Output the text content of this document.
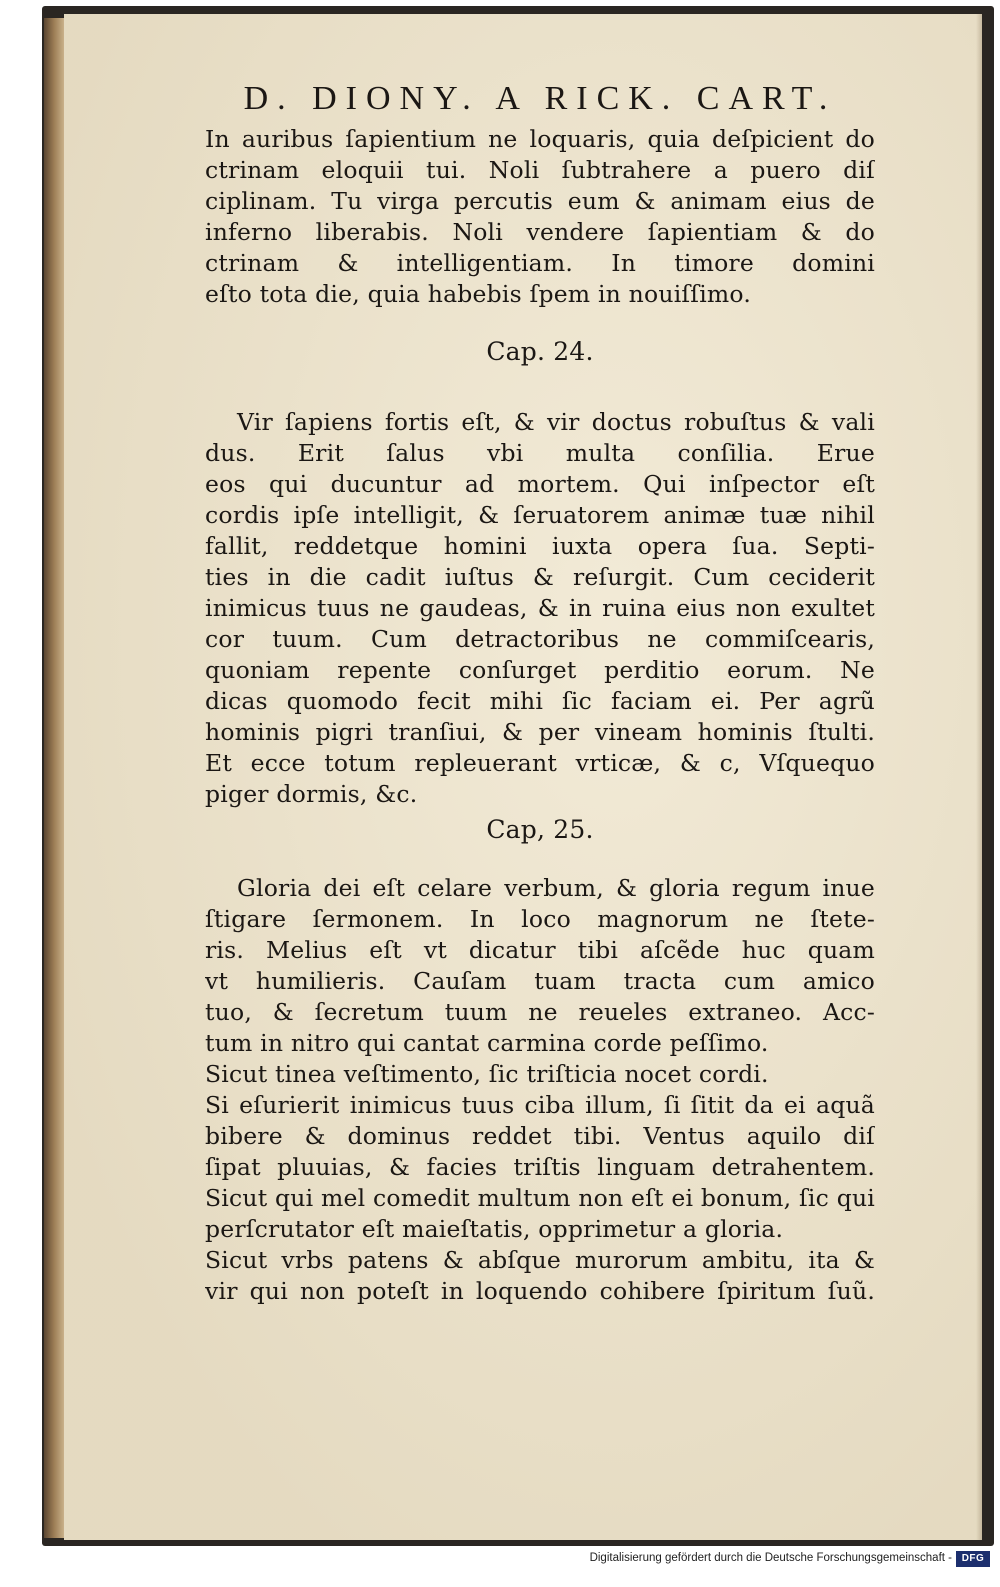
D. DIONY. A RICK. CART.
In auribus ſapientium ne loquaris, quia deſpicient do
ctrinam eloquii tui. Noli ſubtrahere a puero diſ
ciplinam. Tu virga percutis eum & animam eius de
inferno liberabis. Noli vendere ſapientiam & do
ctrinam & intelligentiam. In timore domini
eſto tota die, quia habebis ſpem in nouiſſimo.
Cap. 24.
Vir ſapiens fortis eſt, & vir doctus robuſtus & vali
dus. Erit ſalus vbi multa conſilia. Erue
eos qui ducuntur ad mortem. Qui inſpector eſt
cordis ipſe intelligit, & ſeruatorem animæ tuæ nihil
fallit, reddetque homini iuxta opera ſua. Septi-
ties in die cadit iuſtus & reſurgit. Cum ceciderit
inimicus tuus ne gaudeas, & in ruina eius non exultet
cor tuum. Cum detractoribus ne commiſcearis,
quoniam repente conſurget perditio eorum. Ne
dicas quomodo fecit mihi ſic faciam ei. Per agrũ
hominis pigri tranſiui, & per vineam hominis ſtulti.
Et ecce totum repleuerant vrticæ, & c, Vſquequo
piger dormis, &c.
Cap, 25.
Gloria dei eſt celare verbum, & gloria regum inue
ſtigare ſermonem. In loco magnorum ne ſtete-
ris. Melius eſt vt dicatur tibi aſcẽde huc quam
vt humilieris. Cauſam tuam tracta cum amico
tuo, & ſecretum tuum ne reueles extraneo. Acc-
tum in nitro qui cantat carmina corde peſſimo.
Sicut tinea veſtimento, ſic triſticia nocet cordi.
Si eſurierit inimicus tuus ciba illum, ſi ſitit da ei aquã
bibere & dominus reddet tibi. Ventus aquilo diſ
ſipat pluuias, & facies triſtis linguam detrahentem.
Sicut qui mel comedit multum non eſt ei bonum, ſic qui
perſcrutator eſt maieſtatis, opprimetur a gloria.
Sicut vrbs patens & abſque murorum ambitu, ita &
vir qui non poteſt in loquendo cohibere ſpiritum ſuũ.
Digitalisierung gefördert durch die Deutsche Forschungsgemeinschaft - DFG
